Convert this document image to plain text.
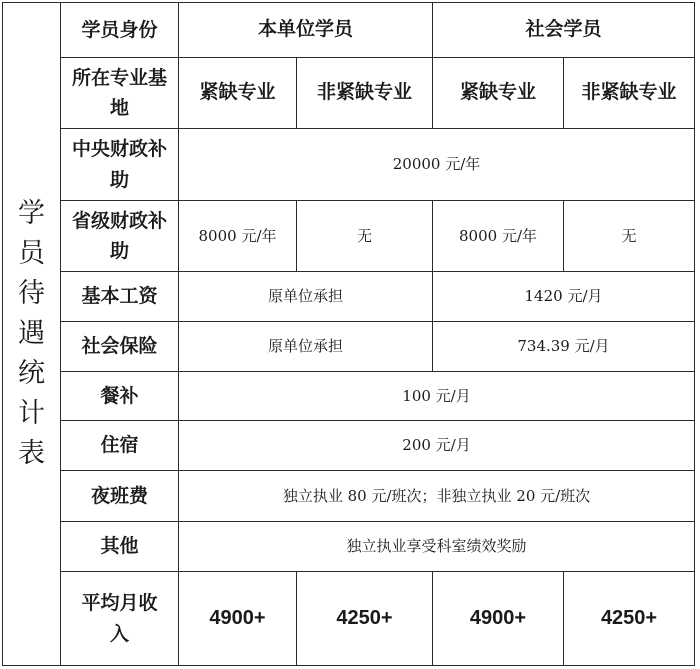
学员待遇统计表	学员身份	本单位学员		社会学员	
	所在专业基地	紧缺专业	非紧缺专业	紧缺专业	非紧缺专业
	中央财政补助	20000 元/年			
	省级财政补助	8000 元/年	无	8000 元/年	无
	基本工资	原单位承担		1420 元/月	
	社会保险	原单位承担		734.39 元/月	
	餐补	100 元/月			
	住宿	200 元/月			
	夜班费	独立执业 80 元/班次；非独立执业 20 元/班次			
	其他	独立执业享受科室绩效奖励			
	平均月收入	4900+	4250+	4900+	4250+
